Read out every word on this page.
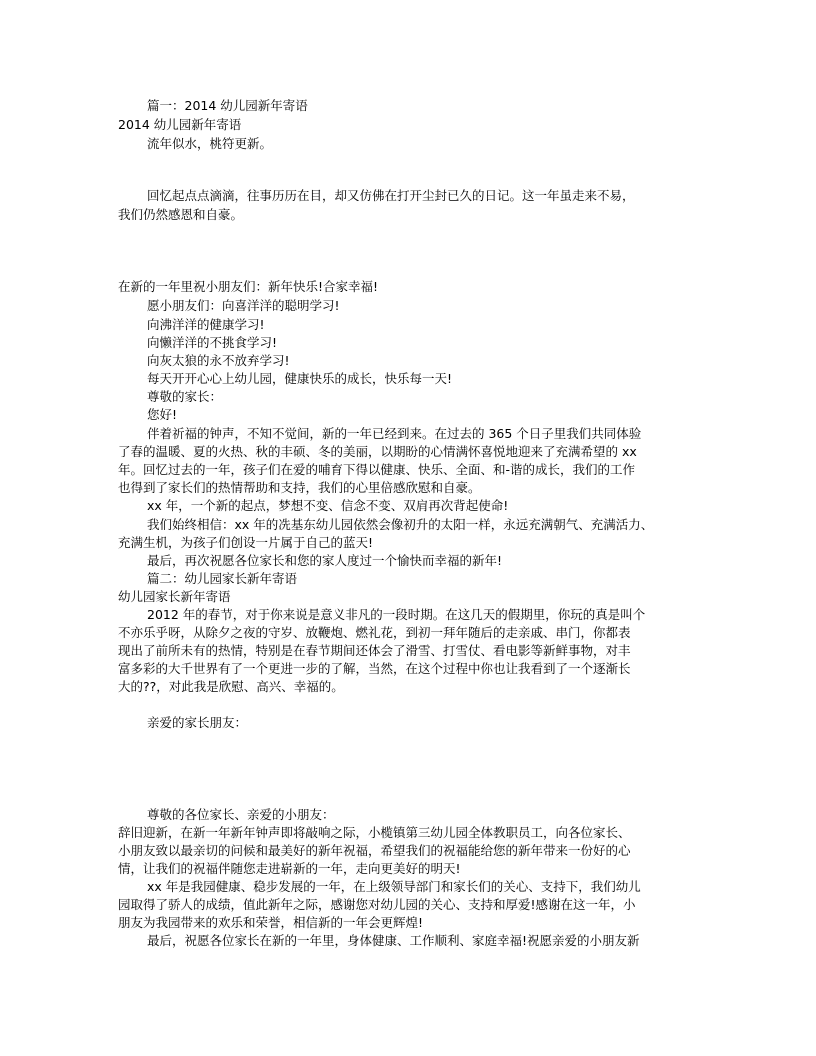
篇一：2014 幼儿园新年寄语
2014 幼儿园新年寄语
流年似水，桃符更新。
回忆起点点滴滴，往事历历在目，却又仿佛在打开尘封已久的日记。这一年虽走来不易，
我们仍然感恩和自豪。
在新的一年里祝小朋友们：新年快乐!合家幸福!
愿小朋友们：向喜洋洋的聪明学习!
向沸洋洋的健康学习!
向懒洋洋的不挑食学习!
向灰太狼的永不放弃学习!
每天开开心心上幼儿园，健康快乐的成长，快乐每一天!
尊敬的家长：
您好!
伴着祈福的钟声，不知不觉间，新的一年已经到来。在过去的 365 个日子里我们共同体验
了春的温暖、夏的火热、秋的丰硕、冬的美丽，以期盼的心情满怀喜悦地迎来了充满希望的 xx
年。回忆过去的一年，孩子们在爱的哺育下得以健康、快乐、全面、和-谐的成长，我们的工作
也得到了家长们的热情帮助和支持，我们的心里倍感欣慰和自豪。
xx 年，一个新的起点，梦想不变、信念不变、双肩再次背起使命!
我们始终相信：xx 年的冼基东幼儿园依然会像初升的太阳一样，永远充满朝气、充满活力、
充满生机，为孩子们创设一片属于自己的蓝天!
最后，再次祝愿各位家长和您的家人度过一个愉快而幸福的新年!
篇二：幼儿园家长新年寄语
幼儿园家长新年寄语
2012 年的春节，对于你来说是意义非凡的一段时期。在这几天的假期里，你玩的真是叫个
不亦乐乎呀，从除夕之夜的守岁、放鞭炮、燃礼花，到初一拜年随后的走亲戚、串门，你都表
现出了前所未有的热情，特别是在春节期间还体会了滑雪、打雪仗、看电影等新鲜事物，对丰
富多彩的大千世界有了一个更进一步的了解，当然，在这个过程中你也让我看到了一个逐渐长
大的??，对此我是欣慰、高兴、幸福的。
亲爱的家长朋友：
尊敬的各位家长、亲爱的小朋友：
辞旧迎新，在新一年新年钟声即将敲响之际，小榄镇第三幼儿园全体教职员工，向各位家长、
小朋友致以最亲切的问候和最美好的新年祝福，希望我们的祝福能给您的新年带来一份好的心
情，让我们的祝福伴随您走进崭新的一年，走向更美好的明天!
xx 年是我园健康、稳步发展的一年，在上级领导部门和家长们的关心、支持下，我们幼儿
园取得了骄人的成绩，值此新年之际，感谢您对幼儿园的关心、支持和厚爱!感谢在这一年，小
朋友为我园带来的欢乐和荣誉，相信新的一年会更辉煌!
最后，祝愿各位家长在新的一年里，身体健康、工作顺利、家庭幸福!祝愿亲爱的小朋友新
